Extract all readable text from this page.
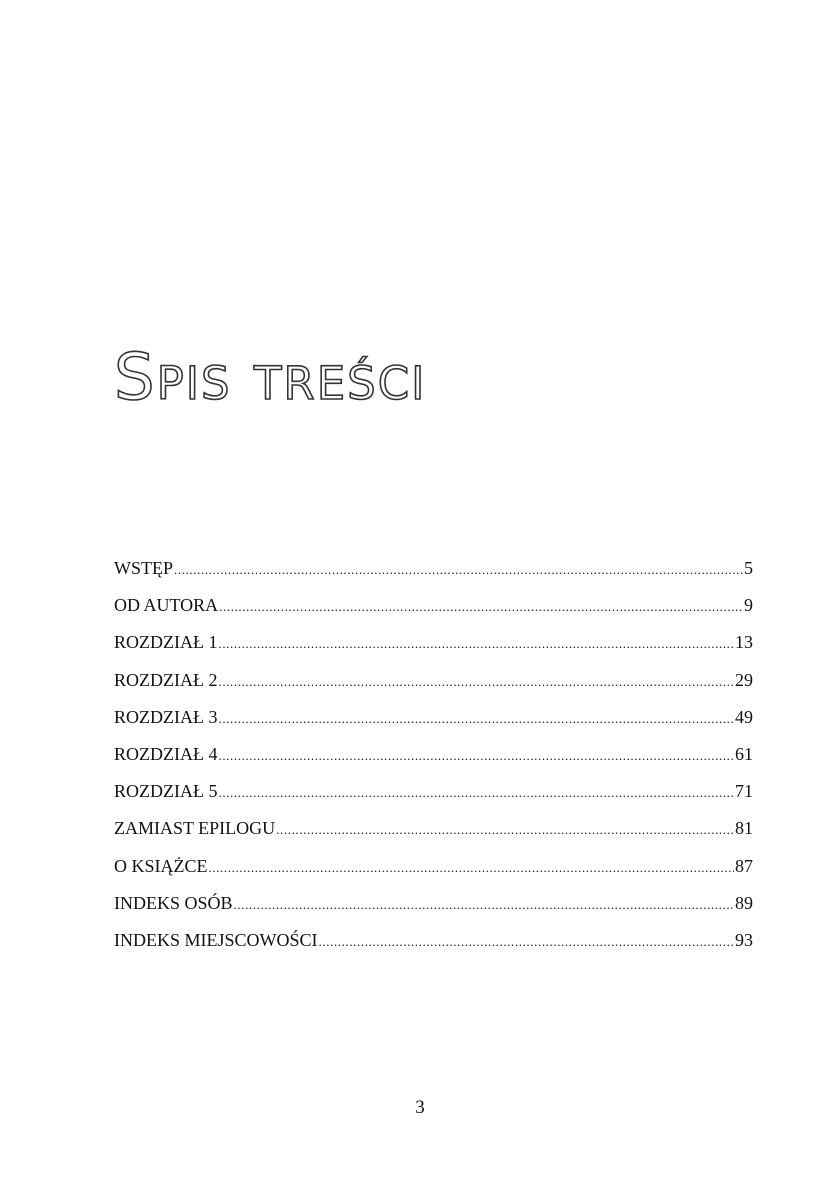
Spis treści
WSTĘP .....	5
OD AUTORA .....	9
ROZDZIAŁ 1 .....	13
ROZDZIAŁ 2 .....	29
ROZDZIAŁ 3 .....	49
ROZDZIAŁ 4 .....	61
ROZDZIAŁ 5 .....	71
ZAMIAST EPILOGU .....	81
O KSIĄŻCE .....	87
INDEKS OSÓB .....	89
INDEKS MIEJSCOWOŚCI .....	93
3
